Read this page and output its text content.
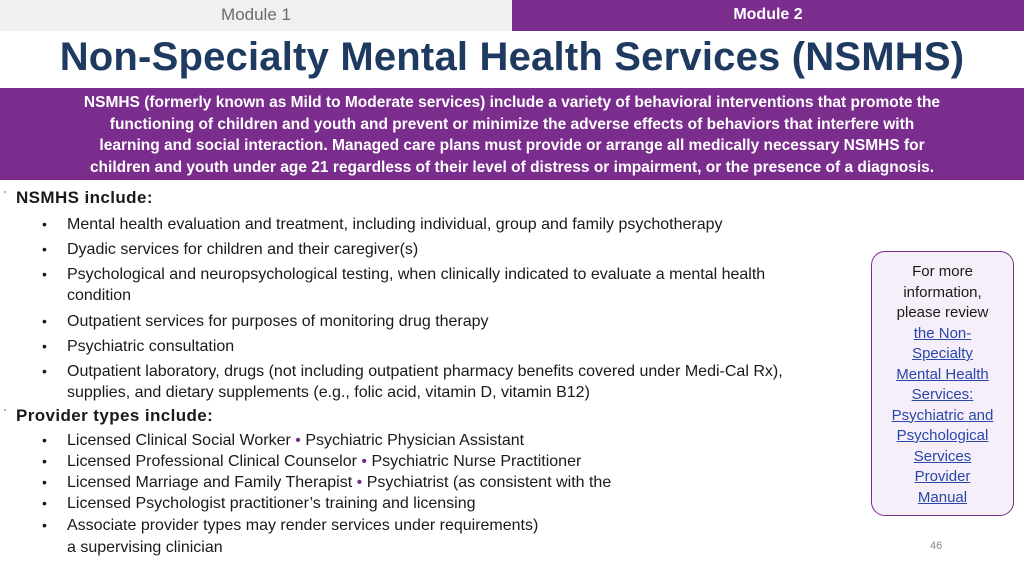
Module 1	Module 2
Non-Specialty Mental Health Services (NSMHS)
NSMHS (formerly known as Mild to Moderate services) include a variety of behavioral interventions that promote the
functioning of children and youth and prevent or minimize the adverse effects of behaviors that interfere with
learning and social interaction. Managed care plans must provide or arrange all medically necessary NSMHS for
children and youth under age 21 regardless of their level of distress or impairment, or the presence of a diagnosis.
' NSMHS include:
• Mental health evaluation and treatment, including individual, group and family psychotherapy
• Dyadic services for children and their caregiver(s)
• Psychological and neuropsychological testing, when clinically indicated to evaluate a mental health condition
• Outpatient services for purposes of monitoring drug therapy
• Psychiatric consultation
• Outpatient laboratory, drugs (not including outpatient pharmacy benefits covered under Medi-Cal Rx), supplies, and dietary supplements (e.g., folic acid, vitamin D, vitamin B12)
' Provider types include:
• Licensed Clinical Social Worker • Psychiatric Physician Assistant
• Licensed Professional Clinical Counselor • Psychiatric Nurse Practitioner
• Licensed Marriage and Family Therapist • Psychiatrist (as consistent with the
• Licensed Psychologist practitioner’s training and licensing
• Associate provider types may render services under requirements)
a supervising clinician
For more
information,
please review
the Non-
Specialty
Mental Health
Services:
Psychiatric and
Psychological
Services
Provider
Manual
46
